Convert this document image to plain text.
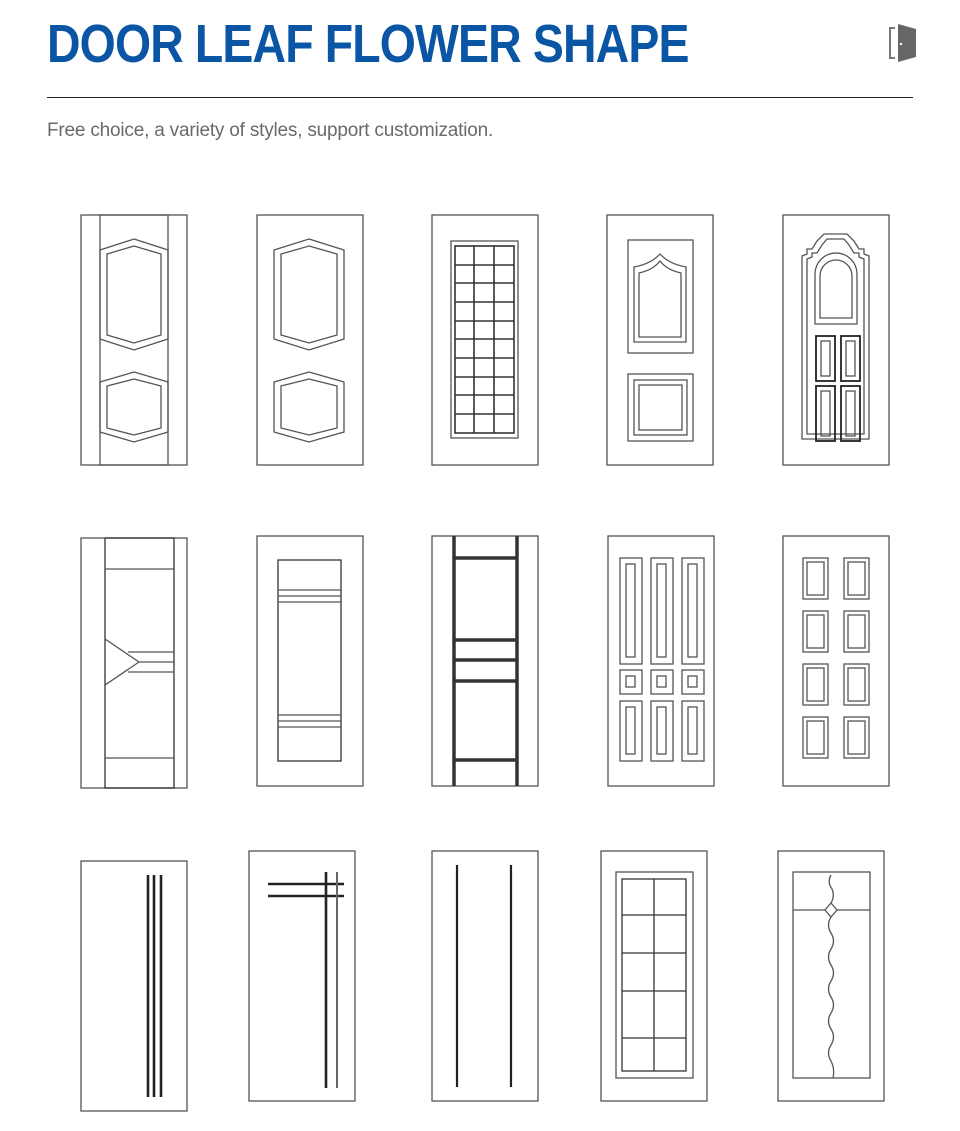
DOOR LEAF FLOWER SHAPE
Free choice, a variety of styles, support customization.
